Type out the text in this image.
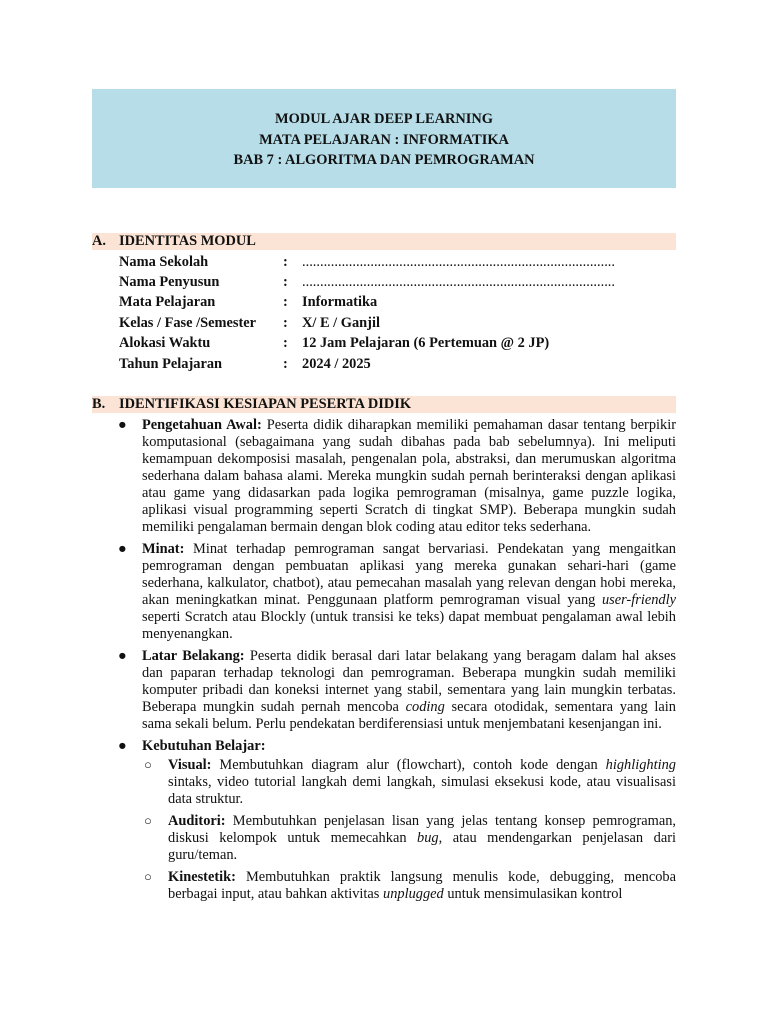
MODUL AJAR DEEP LEARNING
MATA PELAJARAN : INFORMATIKA
BAB 7 : ALGORITMA DAN PEMROGRAMAN
A. IDENTITAS MODUL
Nama Sekolah	: .......................................................................................
Nama Penyusun	: .......................................................................................
Mata Pelajaran	: Informatika
Kelas / Fase /Semester : X/ E / Ganjil
Alokasi Waktu	: 12 Jam Pelajaran (6 Pertemuan @ 2 JP)
Tahun Pelajaran	: 2024 / 2025
B. IDENTIFIKASI KESIAPAN PESERTA DIDIK
● Pengetahuan Awal: Peserta didik diharapkan memiliki pemahaman dasar tentang berpikir komputasional (sebagaimana yang sudah dibahas pada bab sebelumnya). Ini meliputi kemampuan dekomposisi masalah, pengenalan pola, abstraksi, dan merumuskan algoritma sederhana dalam bahasa alami. Mereka mungkin sudah pernah berinteraksi dengan aplikasi atau game yang didasarkan pada logika pemrograman (misalnya, game puzzle logika, aplikasi visual programming seperti Scratch di tingkat SMP). Beberapa mungkin sudah memiliki pengalaman bermain dengan blok coding atau editor teks sederhana.
● Minat: Minat terhadap pemrograman sangat bervariasi. Pendekatan yang mengaitkan pemrograman dengan pembuatan aplikasi yang mereka gunakan sehari-hari (game sederhana, kalkulator, chatbot), atau pemecahan masalah yang relevan dengan hobi mereka, akan meningkatkan minat. Penggunaan platform pemrograman visual yang user-friendly seperti Scratch atau Blockly (untuk transisi ke teks) dapat membuat pengalaman awal lebih menyenangkan.
● Latar Belakang: Peserta didik berasal dari latar belakang yang beragam dalam hal akses dan paparan terhadap teknologi dan pemrograman. Beberapa mungkin sudah memiliki komputer pribadi dan koneksi internet yang stabil, sementara yang lain mungkin terbatas. Beberapa mungkin sudah pernah mencoba coding secara otodidak, sementara yang lain sama sekali belum. Perlu pendekatan berdiferensiasi untuk menjembatani kesenjangan ini.
● Kebutuhan Belajar:
○ Visual: Membutuhkan diagram alur (flowchart), contoh kode dengan highlighting sintaks, video tutorial langkah demi langkah, simulasi eksekusi kode, atau visualisasi data struktur.
○ Auditori: Membutuhkan penjelasan lisan yang jelas tentang konsep pemrograman, diskusi kelompok untuk memecahkan bug, atau mendengarkan penjelasan dari guru/teman.
○ Kinestetik: Membutuhkan praktik langsung menulis kode, debugging, mencoba berbagai input, atau bahkan aktivitas unplugged untuk mensimulasikan kontrol
